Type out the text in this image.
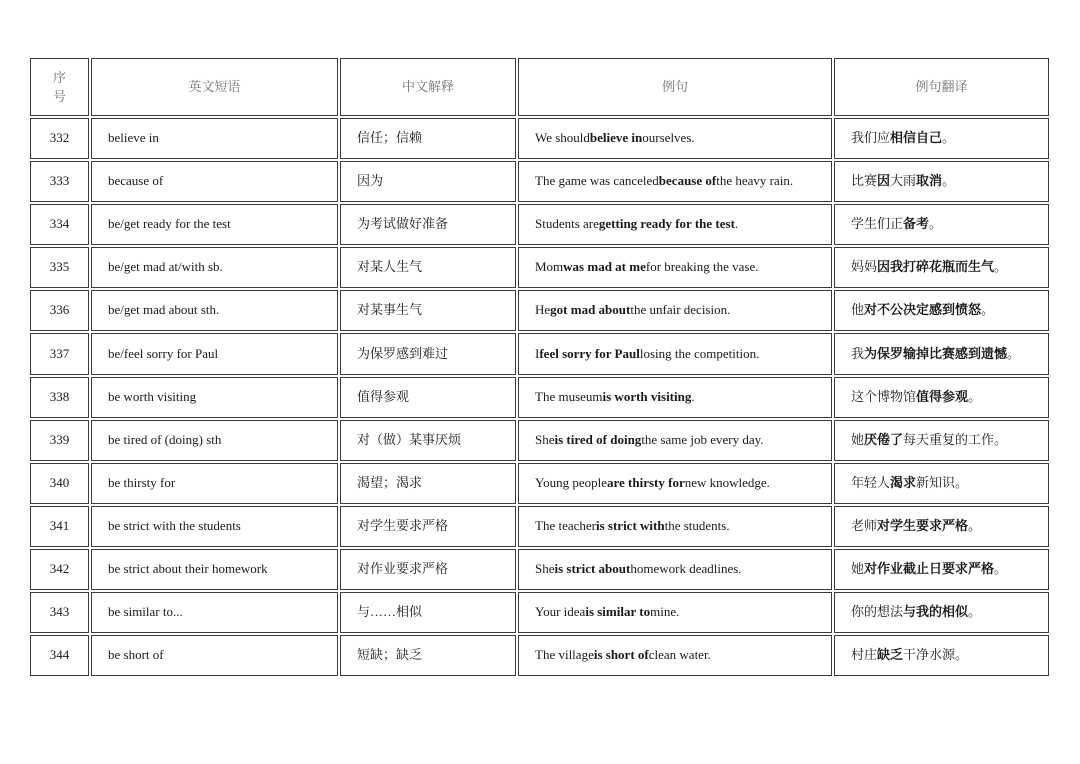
序
号
英文短语	中文解释	例句	例句翻译
332	believe in	信任；信赖	We should believe in ourselves.	我们应 相信自己 。
333	because of	因为	The game was canceled because of the heavy rain.	比赛 因 大雨 取消 。
334	be/get ready for the test	为考试做好准备	Students are getting ready for the test .	学生们正 备考 。
335	be/get mad at/with sb.	对某人生气	Mom was mad at me for breaking the vase.	妈妈 因我打碎花瓶而生气 。
336	be/get mad about sth.	对某事生气	He got mad about the unfair decision.	他 对不公决定感到愤怒 。
337	be/feel sorry for Paul	为保罗感到难过	I feel sorry for Paul losing the competition.	我 为保罗输掉比赛感到遗憾 。
338	be worth visiting	值得参观	The museum is worth visiting .	这个博物馆 值得参观 。
339	be tired of (doing) sth	对（做）某事厌烦	She is tired of doing the same job every day.	她 厌倦了 每天重复的工作。
340	be thirsty for	渴望；渴求	Young people are thirsty for new knowledge.	年轻人 渴求 新知识。
341	be strict with the students	对学生要求严格	The teacher is strict with the students.	老师 对学生要求严格 。
342	be strict about their homework	对作业要求严格	She is strict about homework deadlines.	她 对作业截止日要求严格 。
343	be similar to...	与……相似	Your idea is similar to mine.	你的想法 与我的相似 。
344	be short of	短缺；缺乏	The village is short of clean water.	村庄 缺乏 干净水源。
